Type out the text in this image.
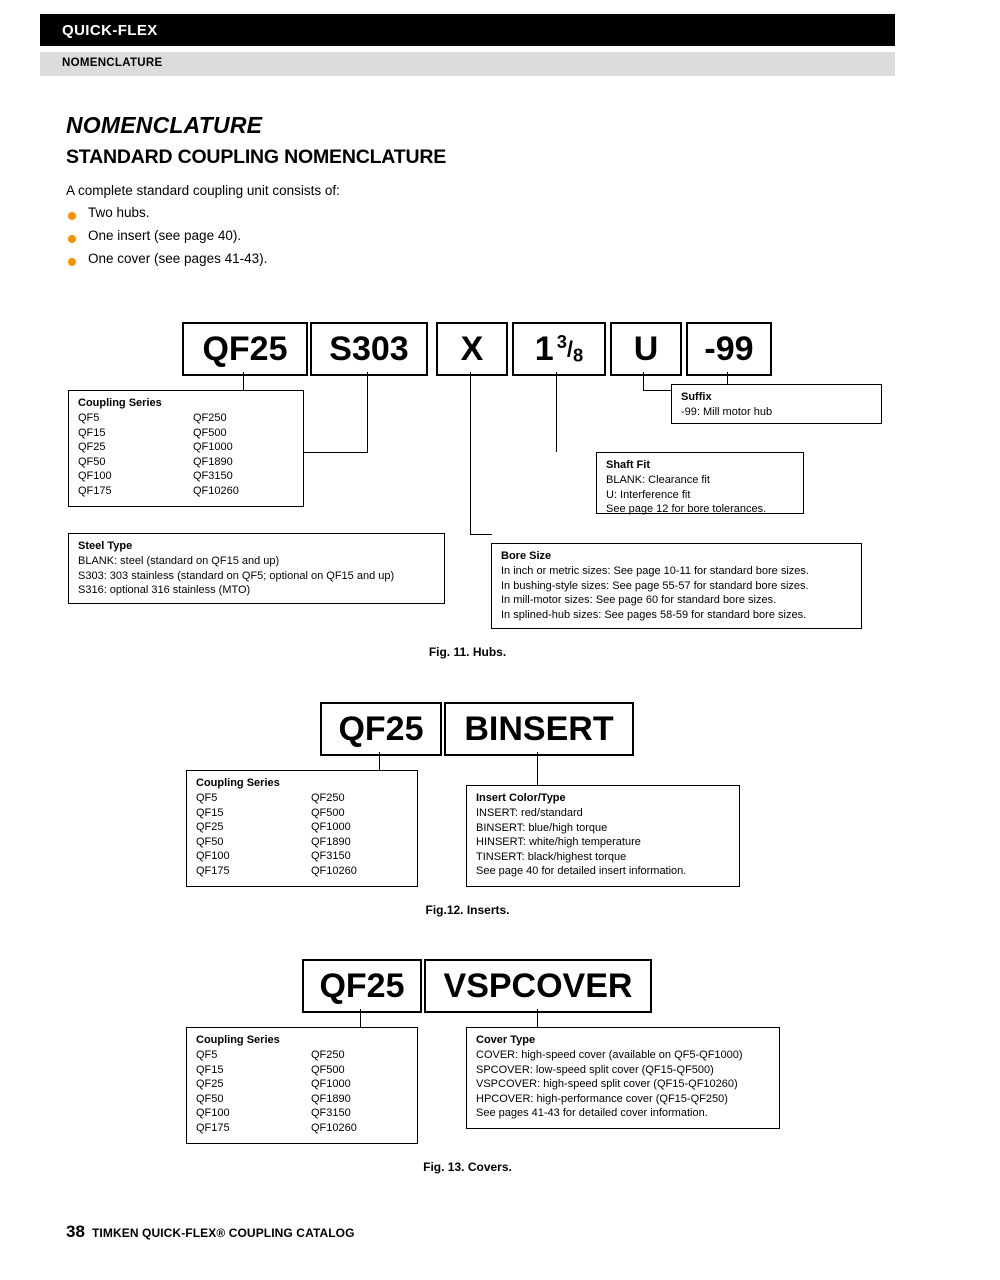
QUICK-FLEX
NOMENCLATURE
NOMENCLATURE
STANDARD COUPLING NOMENCLATURE
A complete standard coupling unit consists of:
Two hubs.
One insert (see page 40).
One cover (see pages 41-43).
QF25 S303 X 1 $^3/_8$ U -99
Coupling Series
QF5
QF15
QF25
QF50
QF100
QF175
QF250
QF500
QF1000
QF1890
QF3150
QF10260
Steel Type
BLANK: steel (standard on QF15 and up)
S303: 303 stainless (standard on QF5; optional on QF15 and up)
S316: optional 316 stainless (MTO)
Bore Size
In inch or metric sizes: See page 10-11 for standard bore sizes.
In bushing-style sizes: See page 55-57 for standard bore sizes.
In mill-motor sizes: See page 60 for standard bore sizes.
In splined-hub sizes: See pages 58-59 for standard bore sizes.
Shaft Fit
BLANK: Clearance fit
U: Interference fit
See page 12 for bore tolerances.
Suffix
-99: Mill motor hub
Fig. 11. Hubs.
QF25 BINSERT
Coupling Series
QF5
QF15
QF25
QF50
QF100
QF175
QF250
QF500
QF1000
QF1890
QF3150
QF10260
Insert Color/Type
INSERT: red/standard
BINSERT: blue/high torque
HINSERT: white/high temperature
TINSERT: black/highest torque
See page 40 for detailed insert information.
Fig.12. Inserts.
QF25 VSPCOVER
Coupling Series
QF5
QF15
QF25
QF50
QF100
QF175
QF250
QF500
QF1000
QF1890
QF3150
QF10260
Cover Type
COVER: high-speed cover (available on QF5-QF1000)
SPCOVER: low-speed split cover (QF15-QF500)
VSPCOVER: high-speed split cover (QF15-QF10260)
HPCOVER: high-performance cover (QF15-QF250)
See pages 41-43 for detailed cover information.
Fig. 13. Covers.
38 TIMKEN QUICK-FLEX® COUPLING CATALOG
